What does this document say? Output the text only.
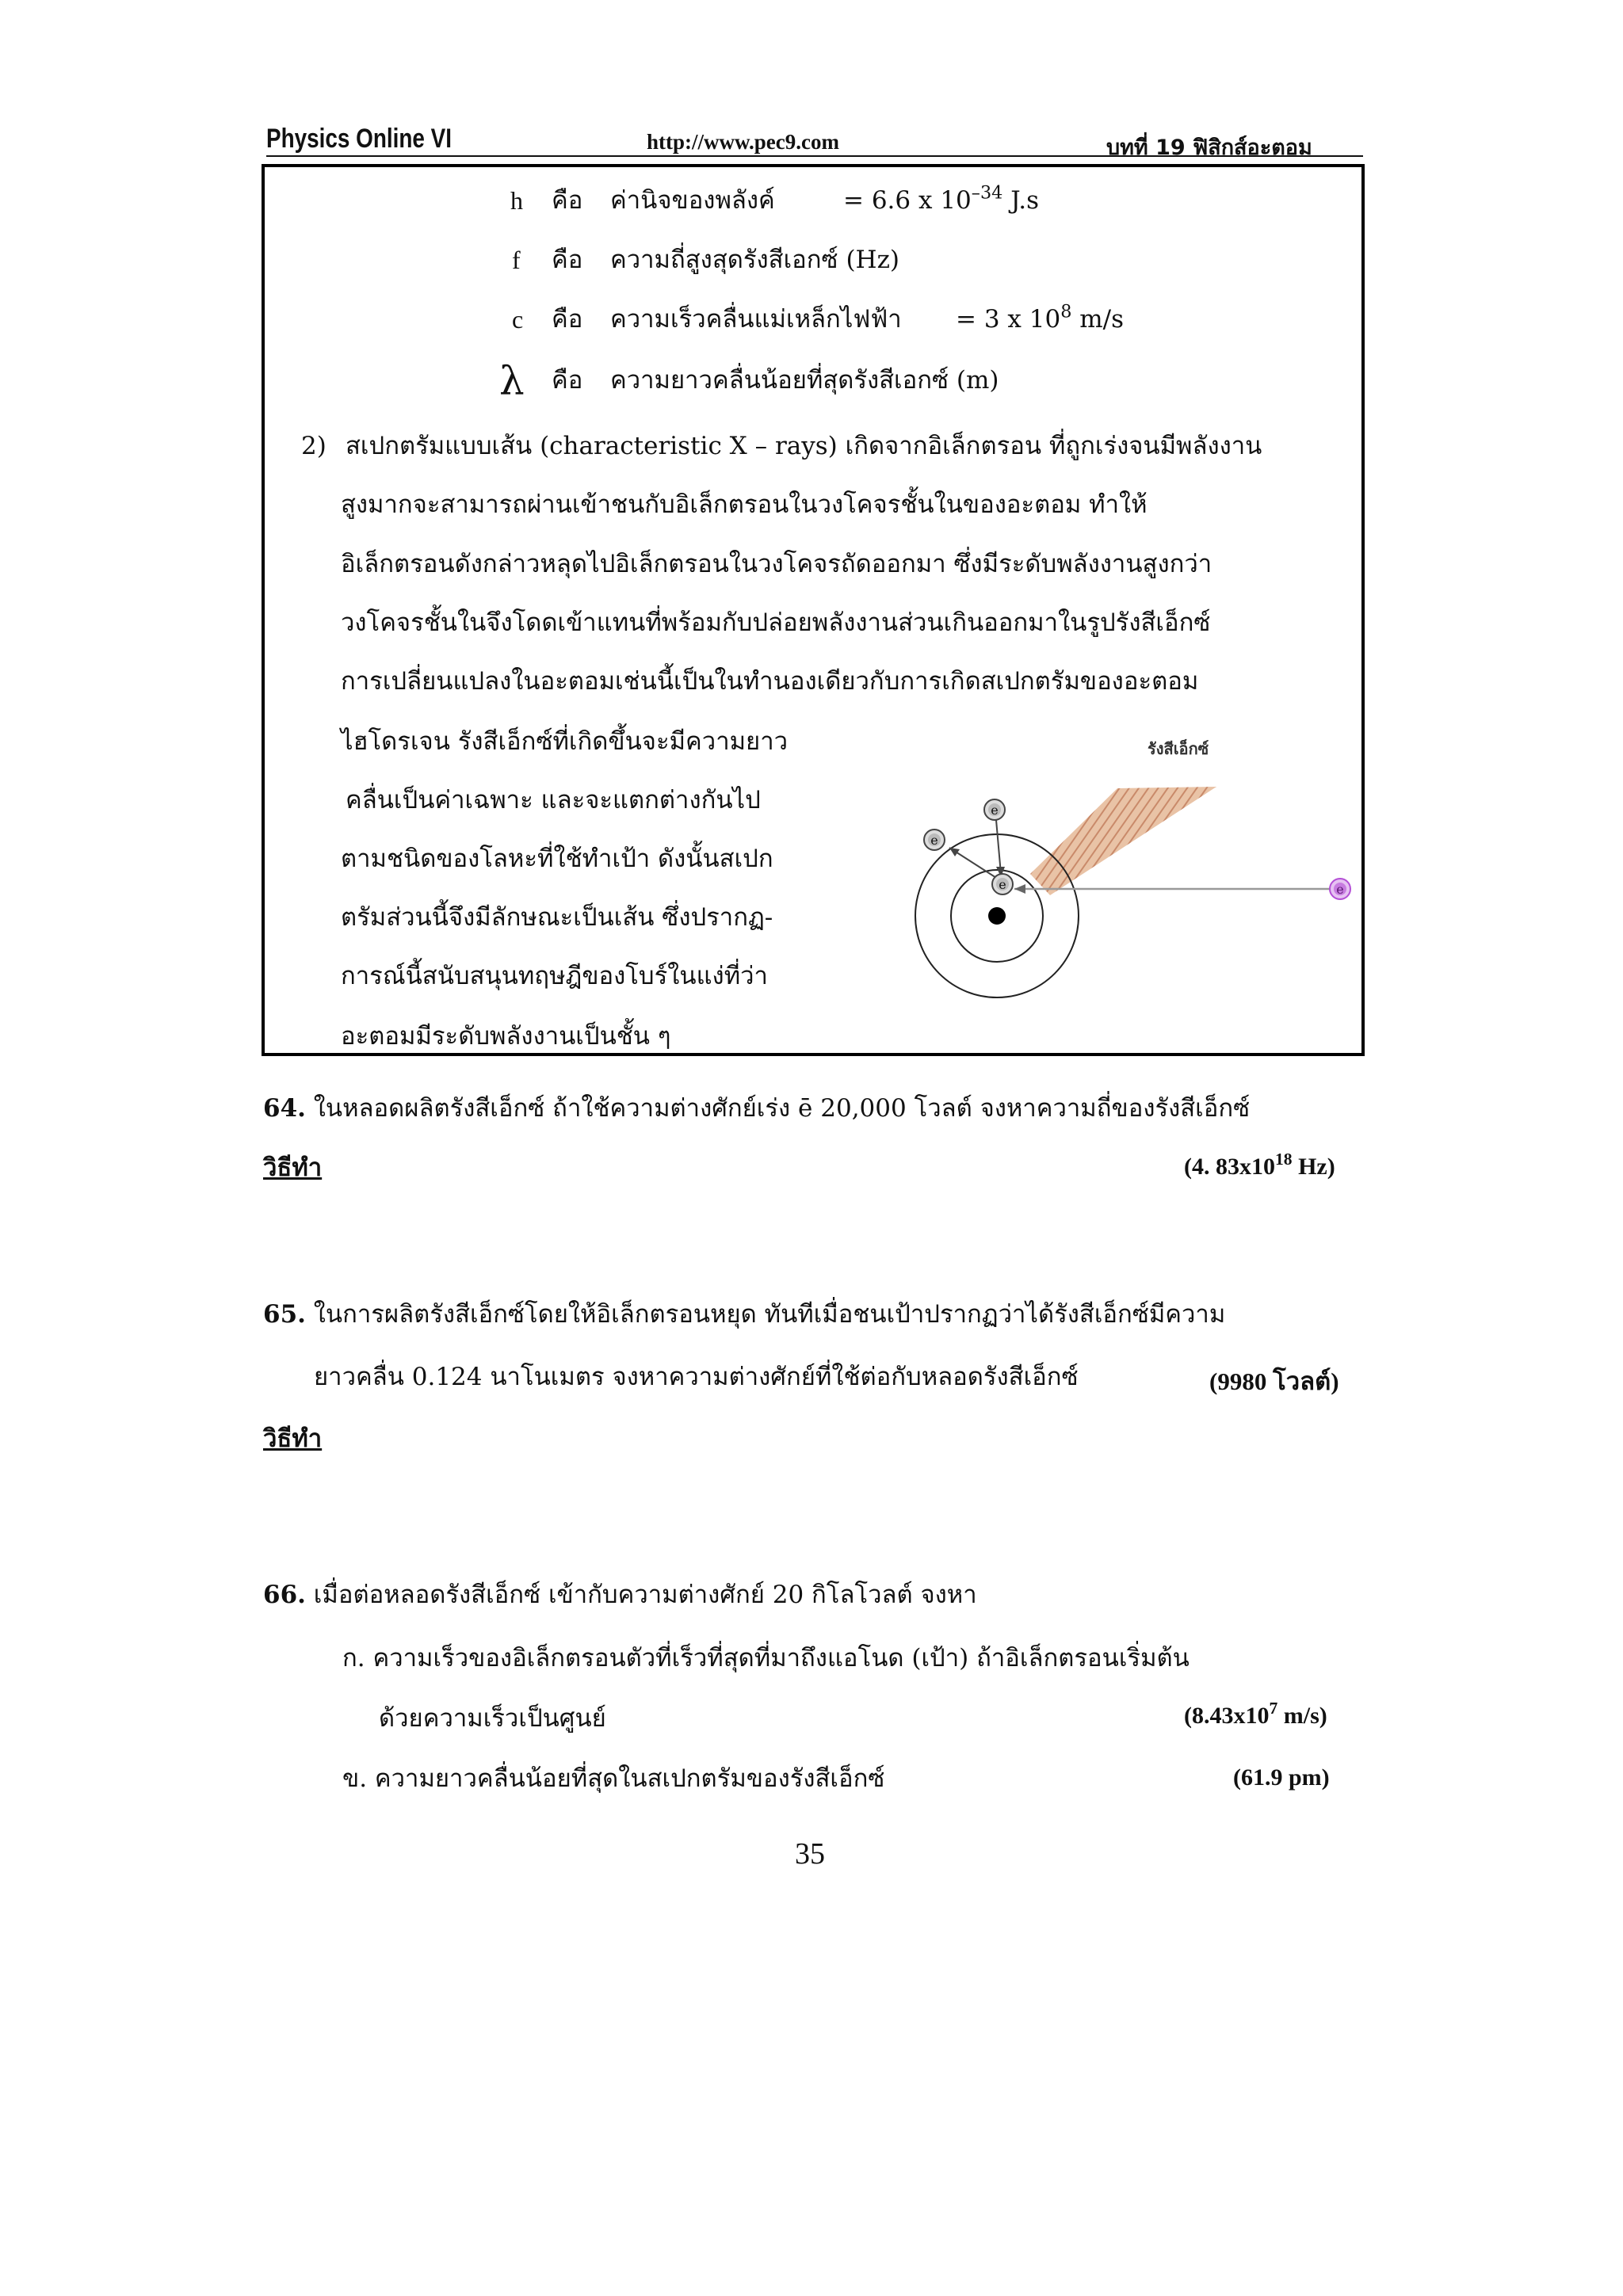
Physics Online VI	http://www.pec9.com	บทที่ 19 ฟิสิกส์อะตอม
h คือ ค่านิจของพลังค์	= 6.6 x $10^{-34}$ J.s
f คือ ความถี่สูงสุดรังสีเอกซ์ (Hz)
c คือ ความเร็วคลื่นแม่เหล็กไฟฟ้า = 3 x $10^8$ m/s
λ คือ ความยาวคลื่นน้อยที่สุดรังสีเอกซ์ (m)
2) สเปกตรัมแบบเส้น (characteristic X – rays) เกิดจากอิเล็กตรอน ที่ถูกเร่งจนมีพลังงาน
สูงมากจะสามารถผ่านเข้าชนกับอิเล็กตรอนในวงโคจรชั้นในของอะตอม ทำให้
อิเล็กตรอนดังกล่าวหลุดไปอิเล็กตรอนในวงโคจรถัดออกมา ซึ่งมีระดับพลังงานสูงกว่า
วงโคจรชั้นในจึงโดดเข้าแทนที่พร้อมกับปล่อยพลังงานส่วนเกินออกมาในรูปรังสีเอ็กซ์
การเปลี่ยนแปลงในอะตอมเช่นนี้เป็นในทำนองเดียวกับการเกิดสเปกตรัมของอะตอม
ไฮโดรเจน รังสีเอ็กซ์ที่เกิดขึ้นจะมีความยาว
คลื่นเป็นค่าเฉพาะ และจะแตกต่างกันไป
ตามชนิดของโลหะที่ใช้ทำเป้า ดังนั้นสเปก
ตรัมส่วนนี้จึงมีลักษณะเป็นเส้น ซึ่งปรากฏ-
การณ์นี้สนับสนุนทฤษฎีของโบร์ในแง่ที่ว่า
อะตอมมีระดับพลังงานเป็นชั้น ๆ
รังสีเอ็กซ์
e
e
e	e
64. ในหลอดผลิตรังสีเอ็กซ์ ถ้าใช้ความต่างศักย์เร่ง ē 20,000 โวลต์ จงหาความถี่ของรังสีเอ็กซ์
วิธีทำ	(4. $83x10^{18}$ Hz)
65. ในการผลิตรังสีเอ็กซ์โดยให้อิเล็กตรอนหยุด ทันทีเมื่อชนเป้าปรากฏว่าได้รังสีเอ็กซ์มีความ
ยาวคลื่น 0.124 นาโนเมตร จงหาความต่างศักย์ที่ใช้ต่อกับหลอดรังสีเอ็กซ์	(9980 โวลต์)
วิธีทำ
66. เมื่อต่อหลอดรังสีเอ็กซ์ เข้ากับความต่างศักย์ 20 กิโลโวลต์ จงหา
ก. ความเร็วของอิเล็กตรอนตัวที่เร็วที่สุดที่มาถึงแอโนด (เป้า) ถ้าอิเล็กตรอนเริ่มต้น
ด้วยความเร็วเป็นศูนย์	($8.43x10^7$ m/s)
ข. ความยาวคลื่นน้อยที่สุดในสเปกตรัมของรังสีเอ็กซ์	(61.9 pm)
35
